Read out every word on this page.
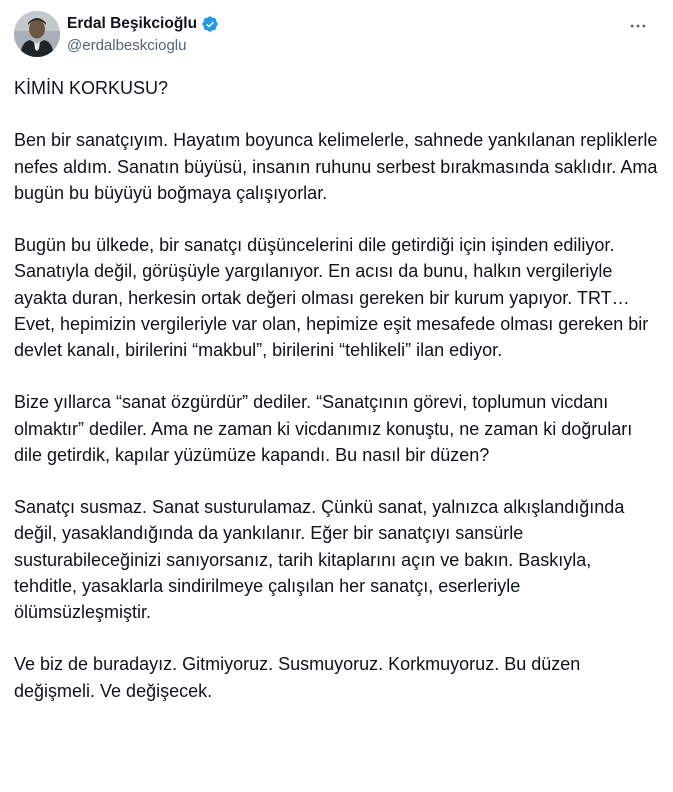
Erdal Beşikcioğlu
@erdalbeskcioglu

KİMİN KORKUSU?

Ben bir sanatçıyım. Hayatım boyunca kelimelerle, sahnede yankılanan repliklerle nefes aldım. Sanatın büyüsü, insanın ruhunu serbest bırakmasında saklıdır. Ama bugün bu büyüyü boğmaya çalışıyorlar.

Bugün bu ülkede, bir sanatçı düşüncelerini dile getirdiği için işinden ediliyor. Sanatıyla değil, görüşüyle yargılanıyor. En acısı da bunu, halkın vergileriyle ayakta duran, herkesin ortak değeri olması gereken bir kurum yapıyor. TRT… Evet, hepimizin vergileriyle var olan, hepimize eşit mesafede olması gereken bir devlet kanalı, birilerini “makbul”, birilerini “tehlikeli” ilan ediyor.

Bize yıllarca “sanat özgürdür” dediler. “Sanatçının görevi, toplumun vicdanı olmaktır” dediler. Ama ne zaman ki vicdanımız konuştu, ne zaman ki doğruları dile getirdik, kapılar yüzümüze kapandı. Bu nasıl bir düzen?

Sanatçı susmaz. Sanat susturulamaz. Çünkü sanat, yalnızca alkışlandığında değil, yasaklandığında da yankılanır. Eğer bir sanatçıyı sansürle susturabileceğinizi sanıyorsanız, tarih kitaplarını açın ve bakın. Baskıyla, tehditle, yasaklarla sindirilmeye çalışılan her sanatçı, eserleriyle ölümsüzleşmiştir.

Ve biz de buradayız. Gitmiyoruz. Susmuyoruz. Korkmuyoruz. Bu düzen değişmeli. Ve değişecek.
